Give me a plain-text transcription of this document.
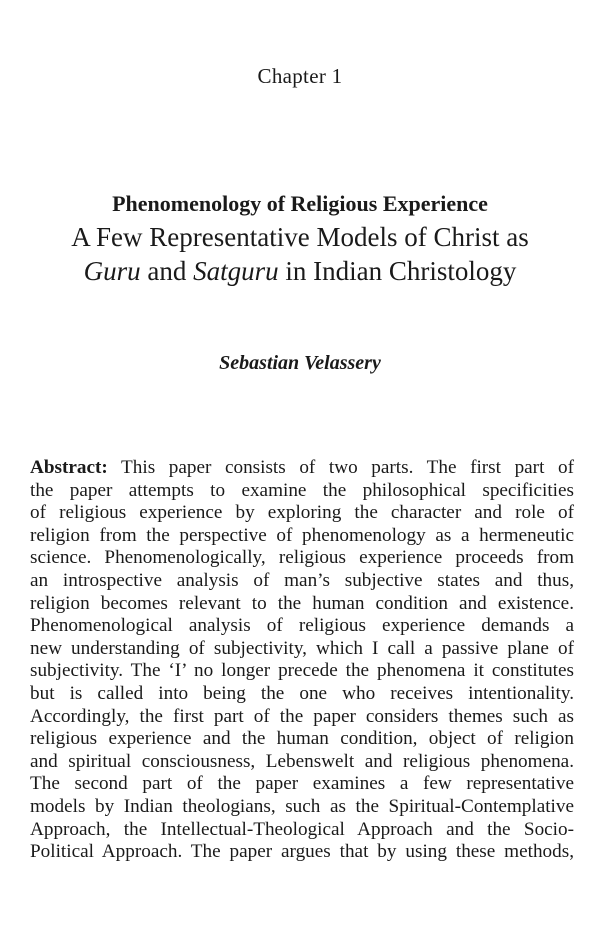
Chapter 1
Phenomenology of Religious Experience
A Few Representative Models of Christ as
Guru and Satguru in Indian Christology
Sebastian Velassery
Abstract: This paper consists of two parts. The first part of
the paper attempts to examine the philosophical specificities
of religious experience by exploring the character and role of
religion from the perspective of phenomenology as a hermeneutic
science. Phenomenologically, religious experience proceeds from
an introspective analysis of man’s subjective states and thus,
religion becomes relevant to the human condition and existence.
Phenomenological analysis of religious experience demands a
new understanding of subjectivity, which I call a passive plane of
subjectivity. The ‘I’ no longer precede the phenomena it constitutes
but is called into being the one who receives intentionality.
Accordingly, the first part of the paper considers themes such as
religious experience and the human condition, object of religion
and spiritual consciousness, Lebenswelt and religious phenomena.
The second part of the paper examines a few representative
models by Indian theologians, such as the Spiritual-Contemplative
Approach, the Intellectual-Theological Approach and the Socio-
Political Approach. The paper argues that by using these methods,
